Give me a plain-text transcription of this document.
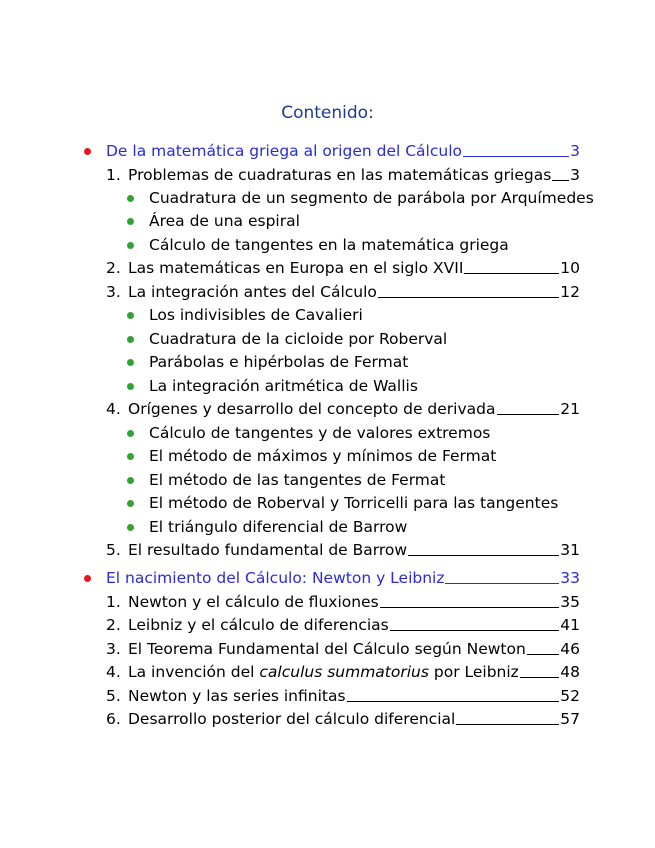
Contenido:
De la matemática griega al origen del Cálculo	3
1. Problemas de cuadraturas en las matemáticas griegas 3
Cuadratura de un segmento de parábola por Arquímedes
Área de una espiral
Cálculo de tangentes en la matemática griega
2. Las matemáticas en Europa en el siglo XVII	10
3. La integración antes del Cálculo	12
Los indivisibles de Cavalieri
Cuadratura de la cicloide por Roberval
Parábolas e hipérbolas de Fermat
La integración aritmética de Wallis
4. Orígenes y desarrollo del concepto de derivada	21
Cálculo de tangentes y de valores extremos
El método de máximos y mínimos de Fermat
El método de las tangentes de Fermat
El método de Roberval y Torricelli para las tangentes
El triángulo diferencial de Barrow
5. El resultado fundamental de Barrow	31
El nacimiento del Cálculo: Newton y Leibniz	33
1. Newton y el cálculo de fluxiones	35
2. Leibniz y el cálculo de diferencias	41
3. El Teorema Fundamental del Cálculo según Newton 46
4. La invención del calculus summatorius por Leibniz	48
5. Newton y las series infinitas	52
6. Desarrollo posterior del cálculo diferencial	57
